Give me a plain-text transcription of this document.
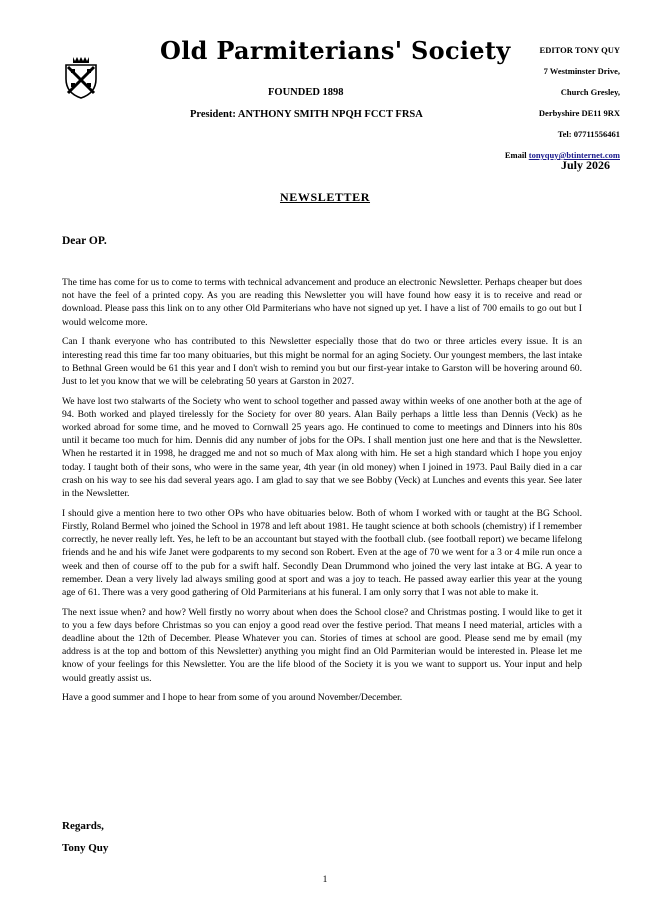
Old Parmiterians' Society
FOUNDED 1898
President: ANTHONY SMITH NPQH FCCT FRSA
EDITOR TONY QUY
7 Westminster Drive,
Church Gresley,
Derbyshire DE11 9RX
Tel: 07711556461
Email tonyquy@btinternet.com
July 2026
NEWSLETTER
Dear OP.

The time has come for us to come to terms with technical advancement and produce an electronic Newsletter. Perhaps cheaper but does not have the feel of a printed copy. As you are reading this Newsletter you will have found how easy it is to receive and read or download. Please pass this link on to any other Old Parmiterians who have not signed up yet. I have a list of 700 emails to go out but I would welcome more.

Can I thank everyone who has contributed to this Newsletter especially those that do two or three articles every issue. It is an interesting read this time far too many obituaries, but this might be normal for an aging Society. Our youngest members, the last intake to Bethnal Green would be 61 this year and I don't wish to remind you but our first-year intake to Garston will be hovering around 60. Just to let you know that we will be celebrating 50 years at Garston in 2027.

We have lost two stalwarts of the Society who went to school together and passed away within weeks of one another both at the age of 94. Both worked and played tirelessly for the Society for over 80 years. Alan Baily perhaps a little less than Dennis (Veck) as he worked abroad for some time, and he moved to Cornwall 25 years ago. He continued to come to meetings and Dinners into his 80s until it became too much for him. Dennis did any number of jobs for the OPs. I shall mention just one here and that is the Newsletter. When he restarted it in 1998, he dragged me and not so much of Max along with him. He set a high standard which I hope you enjoy today. I taught both of their sons, who were in the same year, 4th year (in old money) when I joined in 1973. Paul Baily died in a car crash on his way to see his dad several years ago. I am glad to say that we see Bobby (Veck) at Lunches and events this year. See later in the Newsletter.

I should give a mention here to two other OPs who have obituaries below. Both of whom I worked with or taught at the BG School. Firstly, Roland Bermel who joined the School in 1978 and left about 1981. He taught science at both schools (chemistry) if I remember correctly, he never really left. Yes, he left to be an accountant but stayed with the football club. (see football report) we became lifelong friends and he and his wife Janet were godparents to my second son Robert. Even at the age of 70 we went for a 3 or 4 mile run once a week and then of course off to the pub for a swift half. Secondly Dean Drummond who joined the very last intake at BG. A year to remember. Dean a very lively lad always smiling good at sport and was a joy to teach. He passed away earlier this year at the young age of 61. There was a very good gathering of Old Parmiterians at his funeral. I am only sorry that I was not able to make it.

The next issue when? and how? Well firstly no worry about when does the School close? and Christmas posting. I would like to get it to you a few days before Christmas so you can enjoy a good read over the festive period. That means I need material, articles with a deadline about the 12th of December. Please Whatever you can. Stories of times at school are good. Please send me by email (my address is at the top and bottom of this Newsletter) anything you might find an Old Parmiterian would be interested in. Please let me know of your feelings for this Newsletter. You are the life blood of the Society it is you we want to support us. Your input and help would greatly assist us.

Have a good summer and I hope to hear from some of you around November/December.

Regards,
Tony Quy
1
